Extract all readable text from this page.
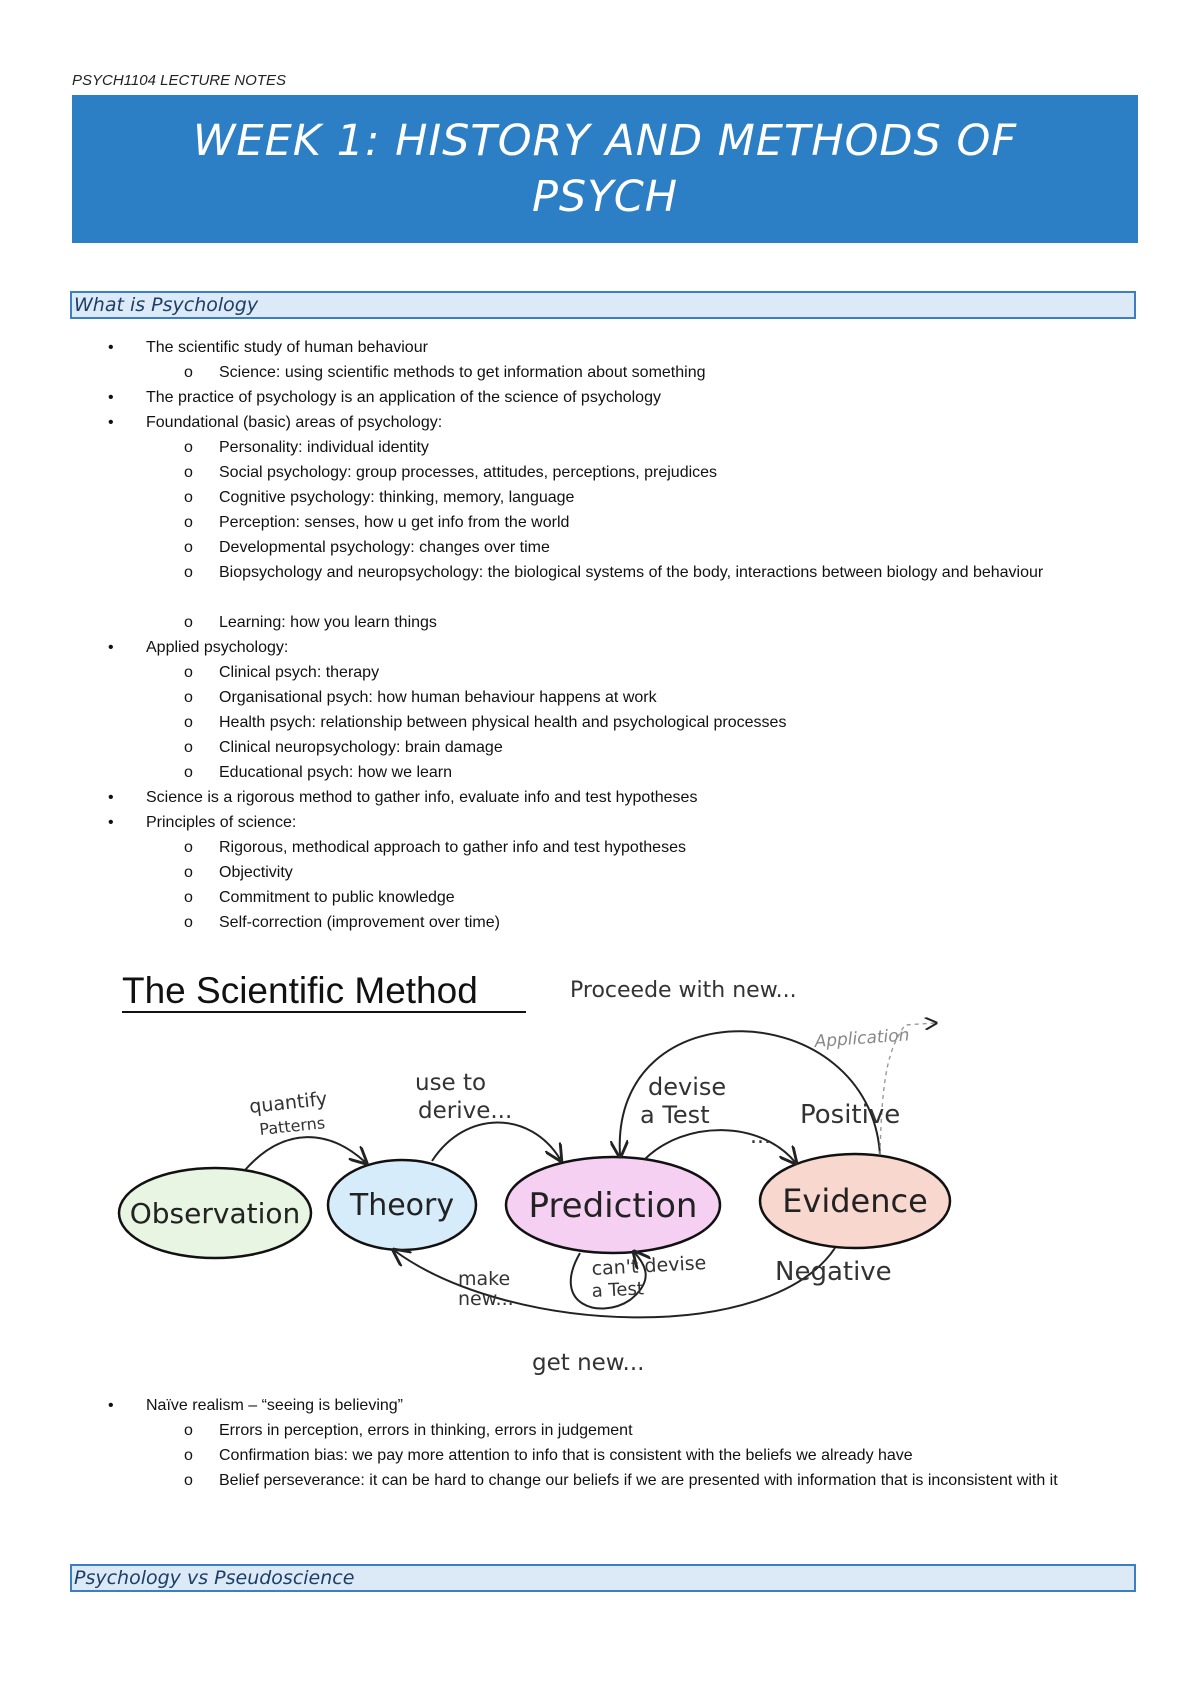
PSYCH1104 LECTURE NOTES
WEEK 1: HISTORY AND METHODS OF PSYCH
What is Psychology
• The scientific study of human behaviour
o Science: using scientific methods to get information about something
• The practice of psychology is an application of the science of psychology
• Foundational (basic) areas of psychology:
o Personality: individual identity
o Social psychology: group processes, attitudes, perceptions, prejudices
o Cognitive psychology: thinking, memory, language
o Perception: senses, how u get info from the world
o Developmental psychology: changes over time
o Biopsychology and neuropsychology: the biological systems of the body, interactions between biology and behaviour
o Learning: how you learn things
• Applied psychology:
o Clinical psych: therapy
o Organisational psych: how human behaviour happens at work
o Health psych: relationship between physical health and psychological processes
o Clinical neuropsychology: brain damage
o Educational psych: how we learn
• Science is a rigorous method to gather info, evaluate info and test hypotheses
• Principles of science:
o Rigorous, methodical approach to gather info and test hypotheses
o Objectivity
o Commitment to public knowledge
o Self-correction (improvement over time)
The Scientific Method
Observation Theory Prediction	Evidence
quantify
Patterns
use to
derive...
devise
a Test
...
Proceede with new...
Application
Positive
Negative
can't devise
a Test
make
new...
get new...
• Naïve realism – “seeing is believing”
o Errors in perception, errors in thinking, errors in judgement
o Confirmation bias: we pay more attention to info that is consistent with the beliefs we already have
o Belief perseverance: it can be hard to change our beliefs if we are presented with information that is inconsistent with it
Psychology vs Pseudoscience
